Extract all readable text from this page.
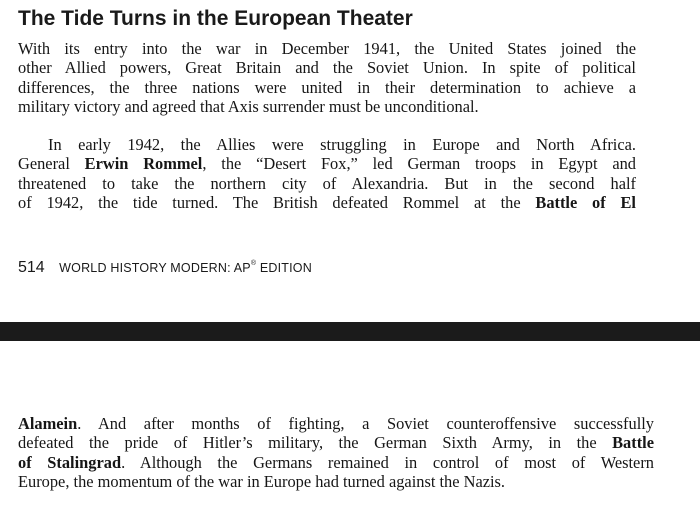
The Tide Turns in the European Theater
With its entry into the war in December 1941, the United States joined the
other Allied powers, Great Britain and the Soviet Union. In spite of political
differences, the three nations were united in their determination to achieve a
military victory and agreed that Axis surrender must be unconditional.
In early 1942, the Allies were struggling in Europe and North Africa.
General Erwin Rommel, the “Desert Fox,” led German troops in Egypt and
threatened to take the northern city of Alexandria. But in the second half
of 1942, the tide turned. The British defeated Rommel at the Battle of El
514 WORLD HISTORY MODERN: AP® EDITION
Alamein. And after months of fighting, a Soviet counteroffensive successfully
defeated the pride of Hitler’s military, the German Sixth Army, in the Battle
of Stalingrad. Although the Germans remained in control of most of Western
Europe, the momentum of the war in Europe had turned against the Nazis.
